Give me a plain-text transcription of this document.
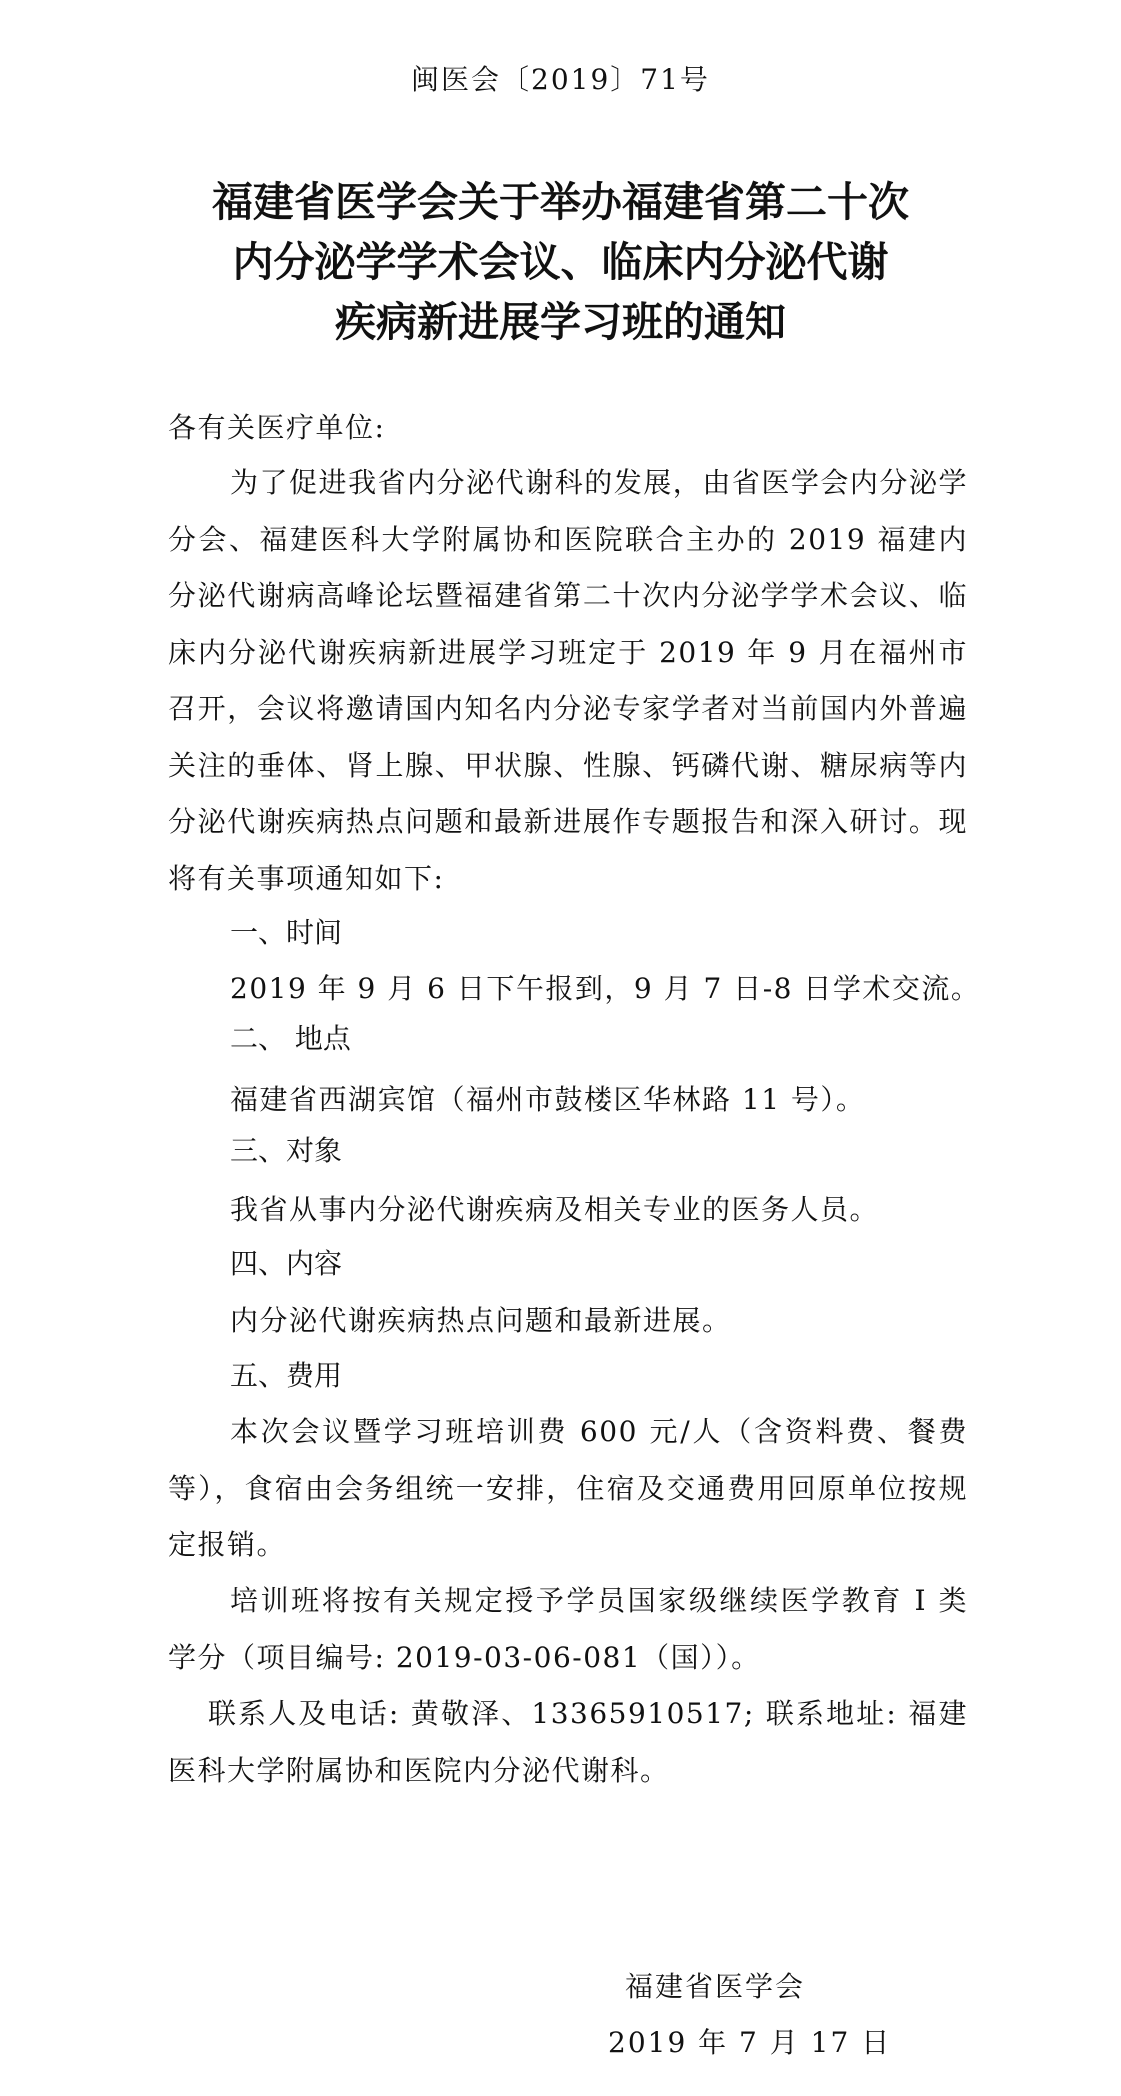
闽医会〔2019〕71号
福建省医学会关于举办福建省第二十次
内分泌学学术会议、临床内分泌代谢
疾病新进展学习班的通知
各有关医疗单位:
为了促进我省内分泌代谢科的发展，由省医学会内分泌学分会、福建医科大学附属协和医院联合主办的 2019 福建内分泌代谢病高峰论坛暨福建省第二十次内分泌学学术会议、临床内分泌代谢疾病新进展学习班定于 2019 年 9 月在福州市召开，会议将邀请国内知名内分泌专家学者对当前国内外普遍关注的垂体、肾上腺、甲状腺、性腺、钙磷代谢、糖尿病等内分泌代谢疾病热点问题和最新进展作专题报告和深入研讨。现将有关事项通知如下:
一、时间
2019 年 9 月 6 日下午报到，9 月 7 日-8 日学术交流。
二、 地点
福建省西湖宾馆（福州市鼓楼区华林路 11 号）。
三、对象
我省从事内分泌代谢疾病及相关专业的医务人员。
四、内容
内分泌代谢疾病热点问题和最新进展。
五、费用
本次会议暨学习班培训费 600 元/人（含资料费、餐费等），食宿由会务组统一安排，住宿及交通费用回原单位按规定报销。
培训班将按有关规定授予学员国家级继续医学教育 I 类学分（项目编号: 2019-03-06-081（国））。
联系人及电话: 黄敬泽、13365910517; 联系地址: 福建医科大学附属协和医院内分泌代谢科。
福建省医学会
2019 年 7 月 17 日
